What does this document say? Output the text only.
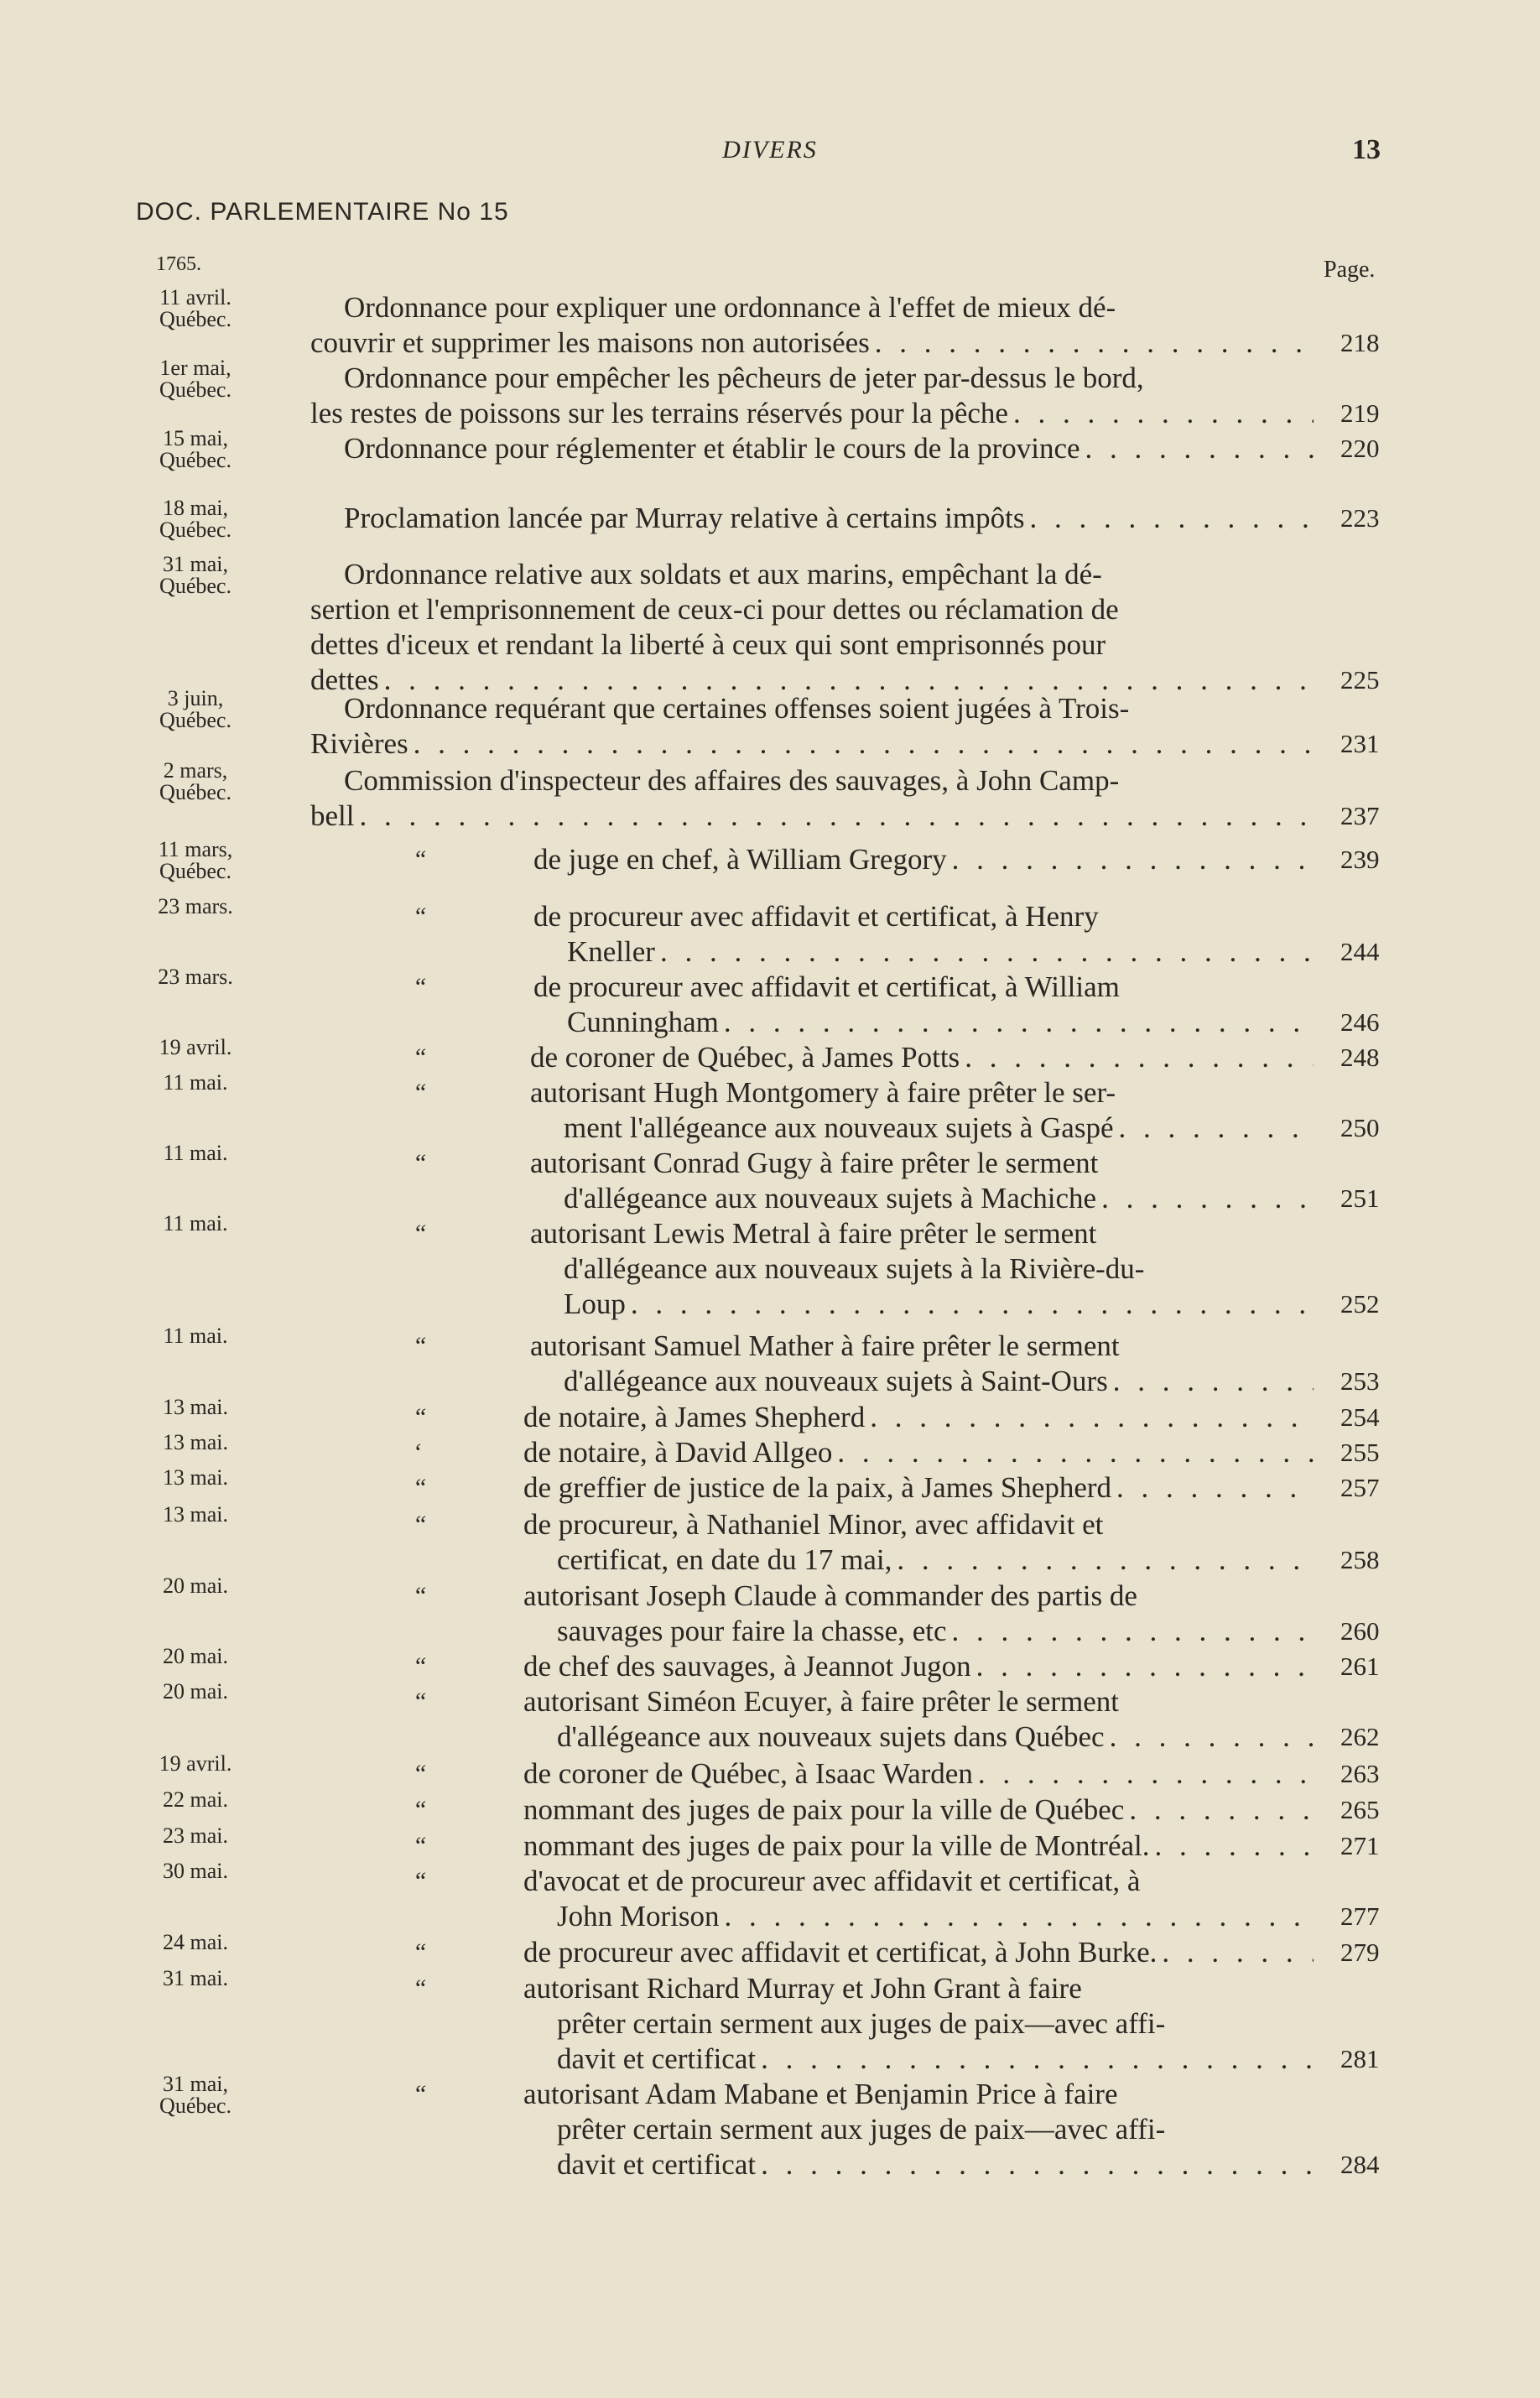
DIVERS	13
DOC. PARLEMENTAIRE No 15
1765.	Page.
11 avril.
Québec.	Ordonnance pour expliquer une ordonnance à l'effet de mieux dé-
couvrir et supprimer les maisons non autorisées . . .	218
1er mai,
Québec.	Ordonnance pour empêcher les pêcheurs de jeter par-dessus le bord,
les restes de poissons sur les terrains réservés pour la pêche . . .	219
15 mai,
Québec.	Ordonnance pour réglementer et établir le cours de la province . . .	220
18 mai,
Québec.	Proclamation lancée par Murray relative à certains impôts . . .	223
31 mai,
Québec.	Ordonnance relative aux soldats et aux marins, empêchant la dé-
sertion et l'emprisonnement de ceux-ci pour dettes ou réclamation de
dettes d'iceux et rendant la liberté à ceux qui sont emprisonnés pour
dettes . . .	225
3 juin,
Québec.	Ordonnance requérant que certaines offenses soient jugées à Trois-
Rivières . . .	231
2 mars,
Québec.	Commission d'inspecteur des affaires des sauvages, à John Camp-
bell . . .	237
11 mars,
Québec.	“	de juge en chef, à William Gregory . . .	239
23 mars.	“	de procureur avec affidavit et certificat, à Henry
Kneller . . .	244
23 mars.	“	de procureur avec affidavit et certificat, à William
Cunningham . . .	246
19 avril.	“	de coroner de Québec, à James Potts . . .	248
11 mai.	“	autorisant Hugh Montgomery à faire prêter le ser-
ment l'allégeance aux nouveaux sujets à Gaspé . . .	250
11 mai.	“	autorisant Conrad Gugy à faire prêter le serment
d'allégeance aux nouveaux sujets à Machiche . . .	251
11 mai.	“	autorisant Lewis Metral à faire prêter le serment
d'allégeance aux nouveaux sujets à la Rivière-du-
Loup . . .	252
11 mai.	“	autorisant Samuel Mather à faire prêter le serment
d'allégeance aux nouveaux sujets à Saint-Ours . . .	253
13 mai.	“	de notaire, à James Shepherd . . .	254
13 mai.	‘	de notaire, à David Allgeo . . .	255
13 mai.	“	de greffier de justice de la paix, à James Shepherd . . .	257
13 mai.	“	de procureur, à Nathaniel Minor, avec affidavit et
certificat, en date du 17 mai, . . .	258
20 mai.	“	autorisant Joseph Claude à commander des partis de
sauvages pour faire la chasse, etc . . .	260
20 mai.	“	de chef des sauvages, à Jeannot Jugon . . .	261
20 mai.	“	autorisant Siméon Ecuyer, à faire prêter le serment
d'allégeance aux nouveaux sujets dans Québec . . .	262
19 avril.	“	de coroner de Québec, à Isaac Warden . . .	263
22 mai.	“	nommant des juges de paix pour la ville de Québec . . .	265
23 mai.	“	nommant des juges de paix pour la ville de Montréal. . . .	271
30 mai.	“	d'avocat et de procureur avec affidavit et certificat, à
John Morison . . .	277
24 mai.	“	de procureur avec affidavit et certificat, à John Burke. . . .	279
31 mai.	“	autorisant Richard Murray et John Grant à faire
prêter certain serment aux juges de paix—avec affi-
davit et certificat . . .	281
31 mai,
Québec.	“	autorisant Adam Mabane et Benjamin Price à faire
prêter certain serment aux juges de paix—avec affi-
davit et certificat . . .	284
